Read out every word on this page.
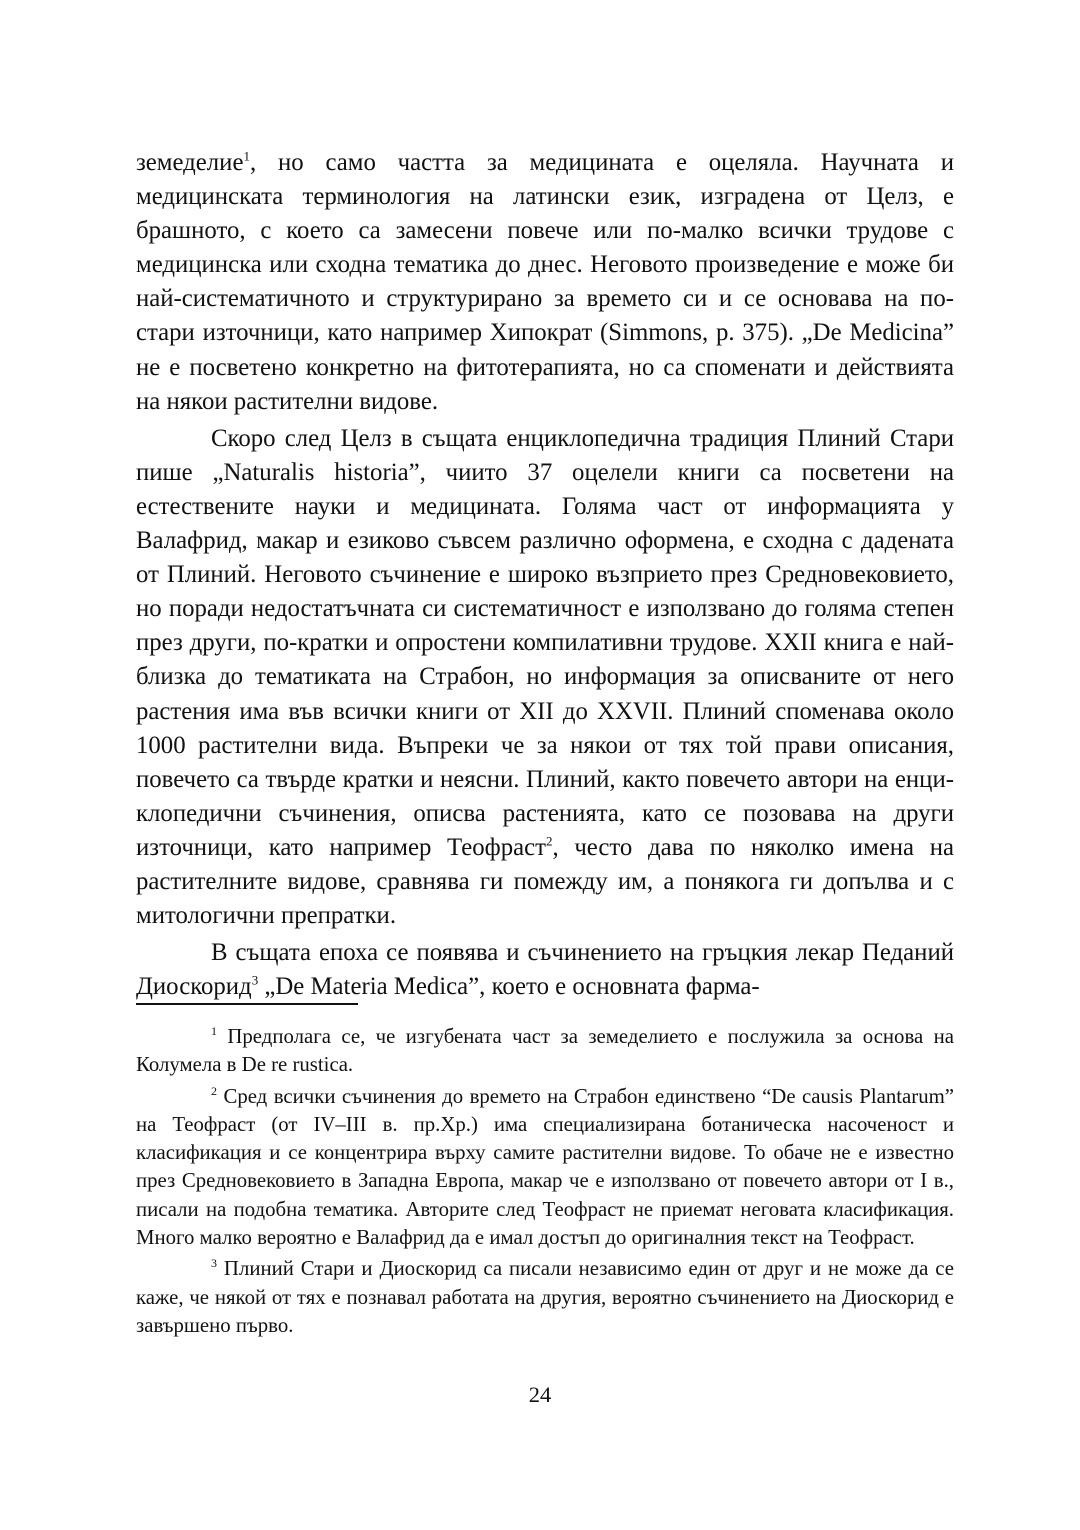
земеделие$^1$, но само частта за медицината е оцеляла. Научната и медицинската терминология на латински език, изградена от Целз, е брашното, с което са замесени повече или по-малко всички трудове с медицинска или сходна тематика до днес. Неговото произведение е може би най-систематичното и структурирано за времето си и се основава на по-стари източници, като например Хипократ (Simmons, p. 375). „De Medicina” не е посветено конкретно на фитотерапията, но са споменати и действията на някои растителни видове.

Скоро след Целз в същата енциклопедична традиция Плиний Стари пише „Naturalis historia”, чиито 37 оцелели книги са посветени на естествените науки и медицината. Голяма част от информацията у Валафрид, макар и езиково съвсем различно оформена, е сходна с дадената от Плиний. Неговото съчинение е широко възприето през Средновековието, но поради недостатъчната си систематичност е използвано до голяма степен през други, по-кратки и опростени компилативни трудове. XXII книга е най-близка до тематиката на Страбон, но информация за описваните от него растения има във всички книги от XII до XXVII. Плиний споменава около 1000 растителни вида. Въпреки че за някои от тях той прави описания, повечето са твърде кратки и неясни. Плиний, както повечето автори на енциклопедични съчинения, описва растенията, като се позовава на други източници, като например Теофраст$^2$, често дава по няколко имена на растителните видове, сравнява ги помежду им, а понякога ги допълва и с митологични препратки.

В същата епоха се появява и съчинението на гръцкия лекар Педаний Диоскорид$^3$ „De Materia Medica”, което е основната фарма-

$^1$ Предполага се, че изгубената част за земеделието е послужила за основа на Колумела в De re rustica.

$^2$ Сред всички съчинения до времето на Страбон единствено “De causis Plantarum” на Теофраст (от IV–III в. пр.Хр.) има специализирана ботаническа насоченост и класификация и се концентрира върху самите растителни видове. То обаче не е известно през Средновековието в Западна Европа, макар че е използвано от повечето автори от I в., писали на подобна тематика. Авторите след Теофраст не приемат неговата класификация. Много малко вероятно е Валафрид да е имал достъп до оригиналния текст на Теофраст.

$^3$ Плиний Стари и Диоскорид са писали независимо един от друг и не може да се каже, че някой от тях е познавал работата на другия, вероятно съчинението на Диоскорид е завършено първо.

24
